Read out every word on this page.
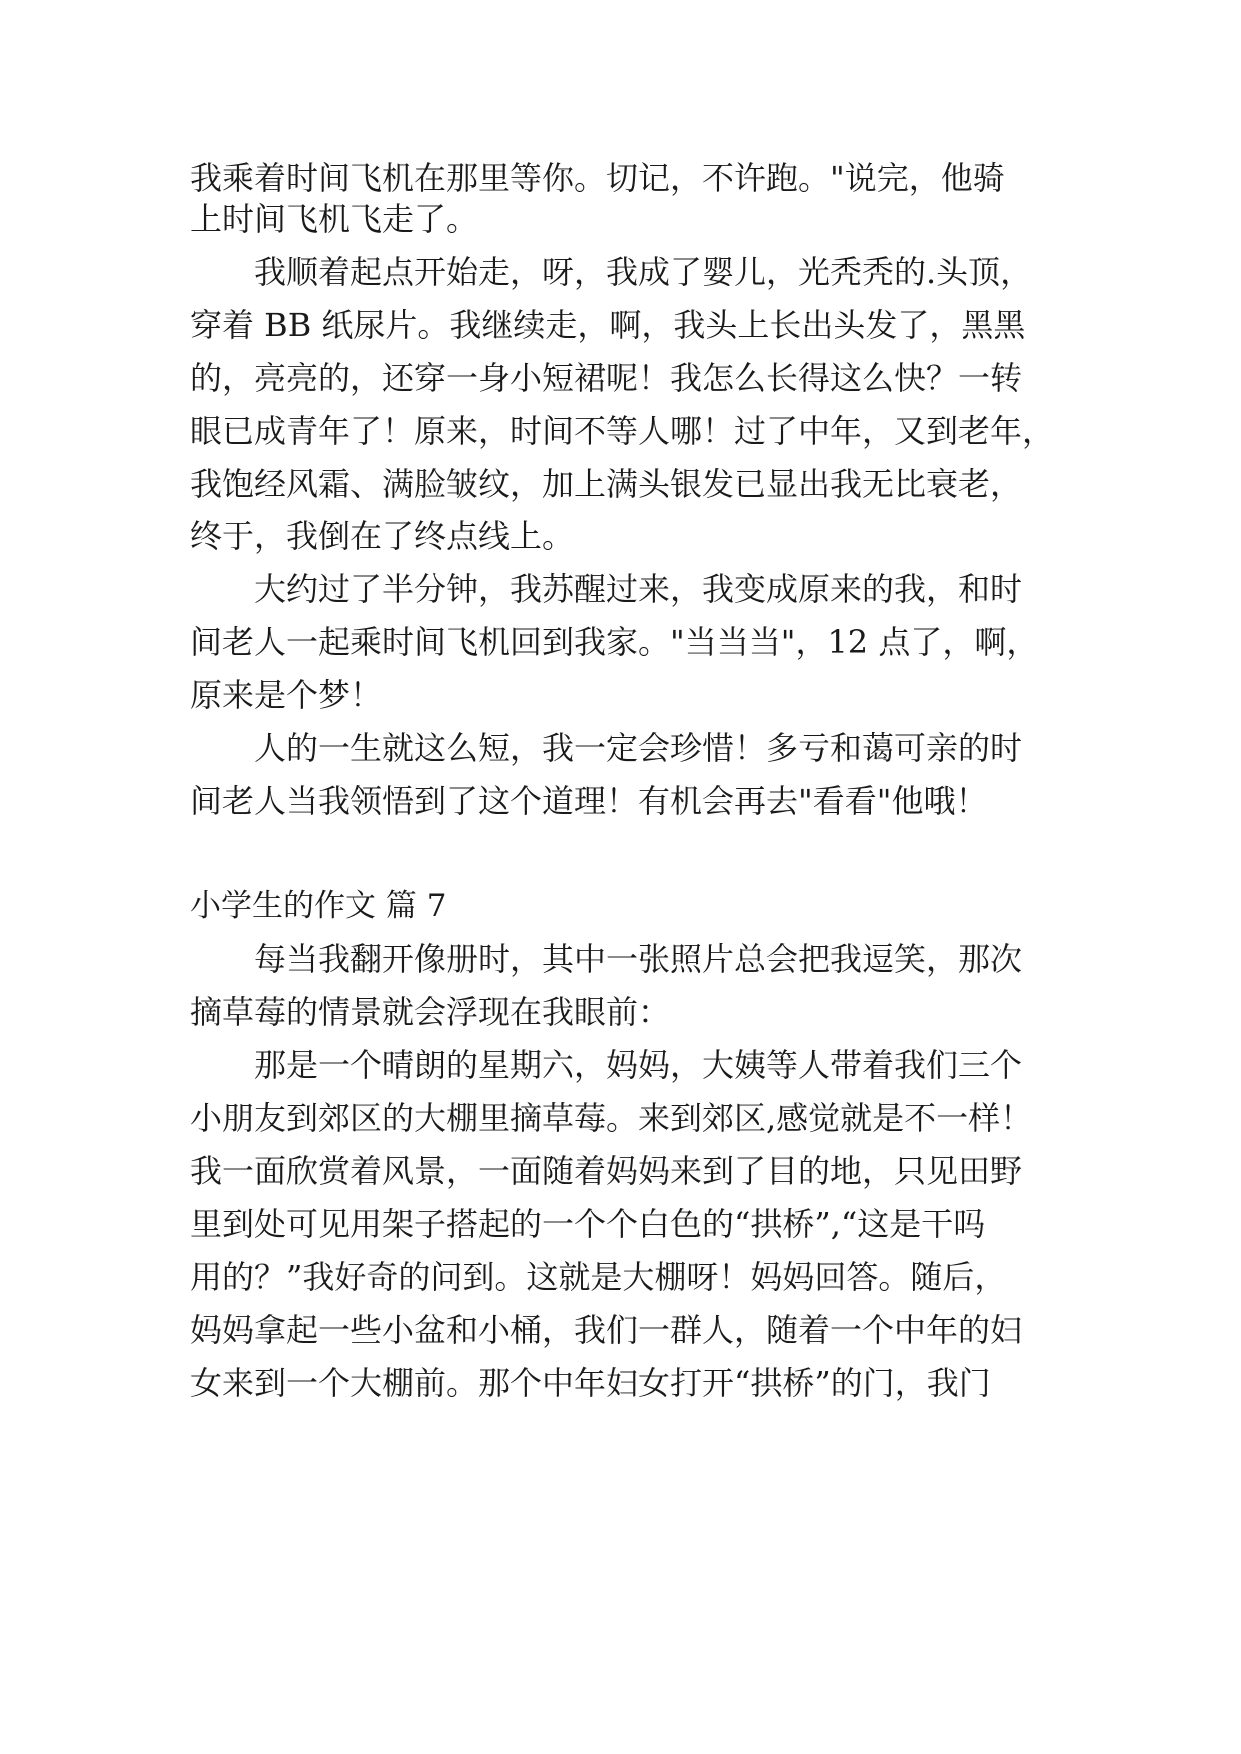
我乘着时间飞机在那里等你。切记，不许跑。"说完，他骑
上时间飞机飞走了。
我顺着起点开始走，呀，我成了婴儿，光秃秃的.头顶，
穿着 BB 纸尿片。我继续走，啊，我头上长出头发了，黑黑
的，亮亮的，还穿一身小短裙呢！我怎么长得这么快？一转
眼已成青年了！原来，时间不等人哪！过了中年，又到老年，
我饱经风霜、满脸皱纹，加上满头银发已显出我无比衰老，
终于，我倒在了终点线上。
大约过了半分钟，我苏醒过来，我变成原来的我，和时
间老人一起乘时间飞机回到我家。"当当当"，12 点了，啊，
原来是个梦！
人的一生就这么短，我一定会珍惜！多亏和蔼可亲的时
间老人当我领悟到了这个道理！有机会再去"看看"他哦！
小学生的作文 篇 7
每当我翻开像册时，其中一张照片总会把我逗笑，那次
摘草莓的情景就会浮现在我眼前：
那是一个晴朗的星期六，妈妈，大姨等人带着我们三个
小朋友到郊区的大棚里摘草莓。来到郊区,感觉就是不一样！
我一面欣赏着风景，一面随着妈妈来到了目的地，只见田野
里到处可见用架子搭起的一个个白色的“拱桥”,“这是干吗
用的？”我好奇的问到。这就是大棚呀！妈妈回答。随后，
妈妈拿起一些小盆和小桶，我们一群人，随着一个中年的妇
女来到一个大棚前。那个中年妇女打开“拱桥”的门，我门
